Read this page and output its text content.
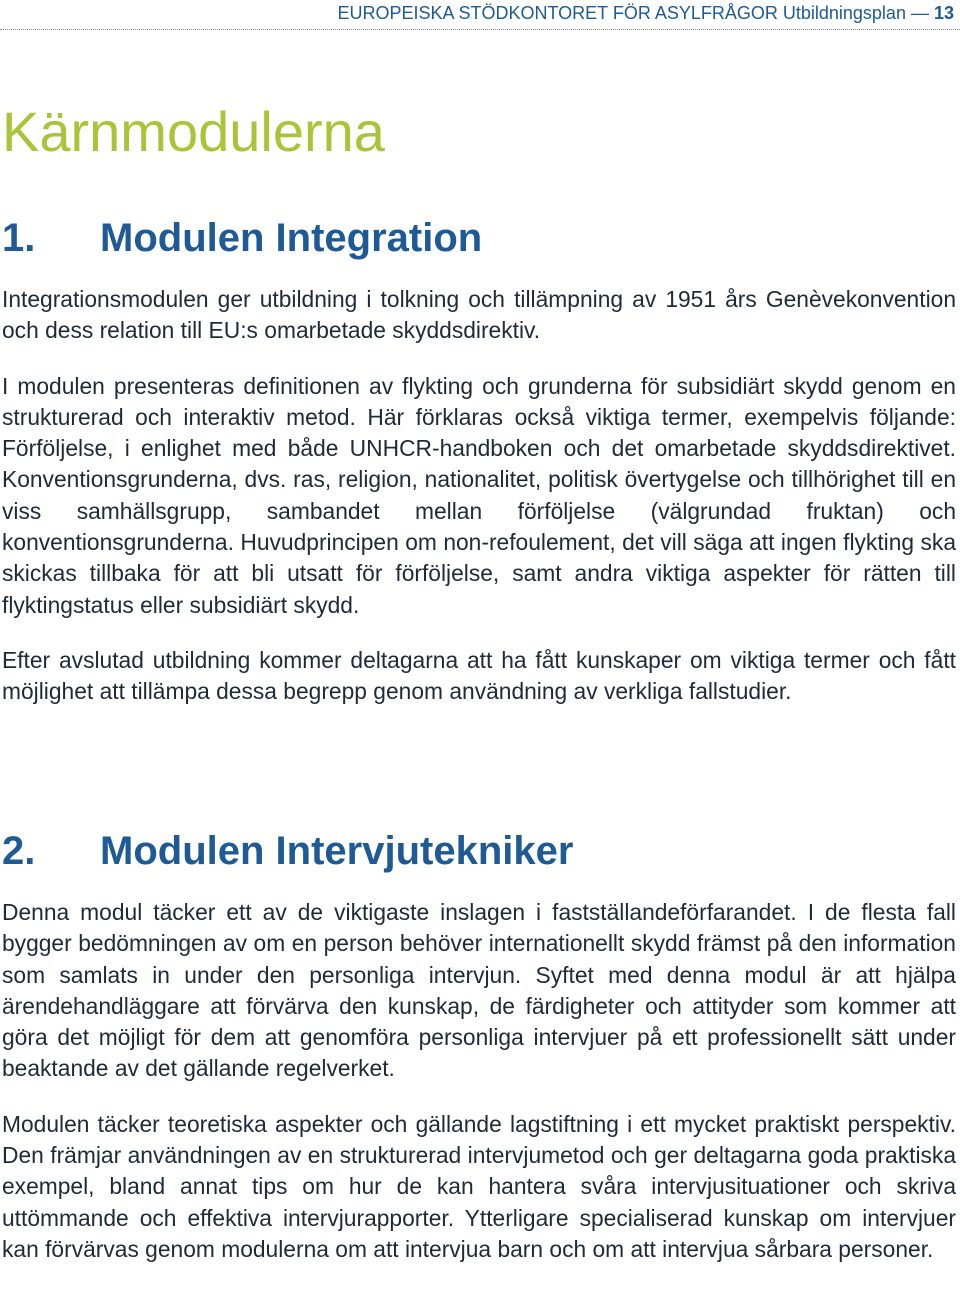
EUROPEISKA STÖDKONTORET FÖR ASYLFRÅGOR Utbildningsplan — 13
Kärnmodulerna
1. Modulen Integration

Integrationsmodulen ger utbildning i tolkning och tillämpning av 1951 års Genèvekonvention och dess relation till EU:s omarbetade skyddsdirektiv.

I modulen presenteras definitionen av flykting och grunderna för subsidiärt skydd genom en strukturerad och interaktiv metod. Här förklaras också viktiga termer, exempelvis följande: Förföljelse, i enlighet med både UNHCR-handboken och det omarbetade skyddsdirektivet. Konventionsgrunderna, dvs. ras, religion, nationalitet, politisk övertygelse och tillhörighet till en viss samhällsgrupp, sambandet mellan förföljelse (välgrundad fruktan) och konventionsgrunderna. Huvudprincipen om non-refoulement, det vill säga att ingen flykting ska skickas tillbaka för att bli utsatt för förföljelse, samt andra viktiga aspekter för rätten till flyktingstatus eller subsidiärt skydd.

Efter avslutad utbildning kommer deltagarna att ha fått kunskaper om viktiga termer och fått möjlighet att tillämpa dessa begrepp genom användning av verkliga fallstudier.

2. Modulen Intervjutekniker

Denna modul täcker ett av de viktigaste inslagen i fastställandeförfarandet. I de flesta fall bygger bedömningen av om en person behöver internationellt skydd främst på den information som samlats in under den personliga intervjun. Syftet med denna modul är att hjälpa ärendehandläggare att förvärva den kunskap, de färdigheter och attityder som kommer att göra det möjligt för dem att genomföra personliga intervjuer på ett professionellt sätt under beaktande av det gällande regelverket.

Modulen täcker teoretiska aspekter och gällande lagstiftning i ett mycket praktiskt perspektiv. Den främjar användningen av en strukturerad intervjumetod och ger deltagarna goda praktiska exempel, bland annat tips om hur de kan hantera svåra intervjusituationer och skriva uttömmande och effektiva intervjurapporter. Ytterligare specialiserad kunskap om intervjuer kan förvärvas genom modulerna om att intervjua barn och om att intervjua sårbara personer.
